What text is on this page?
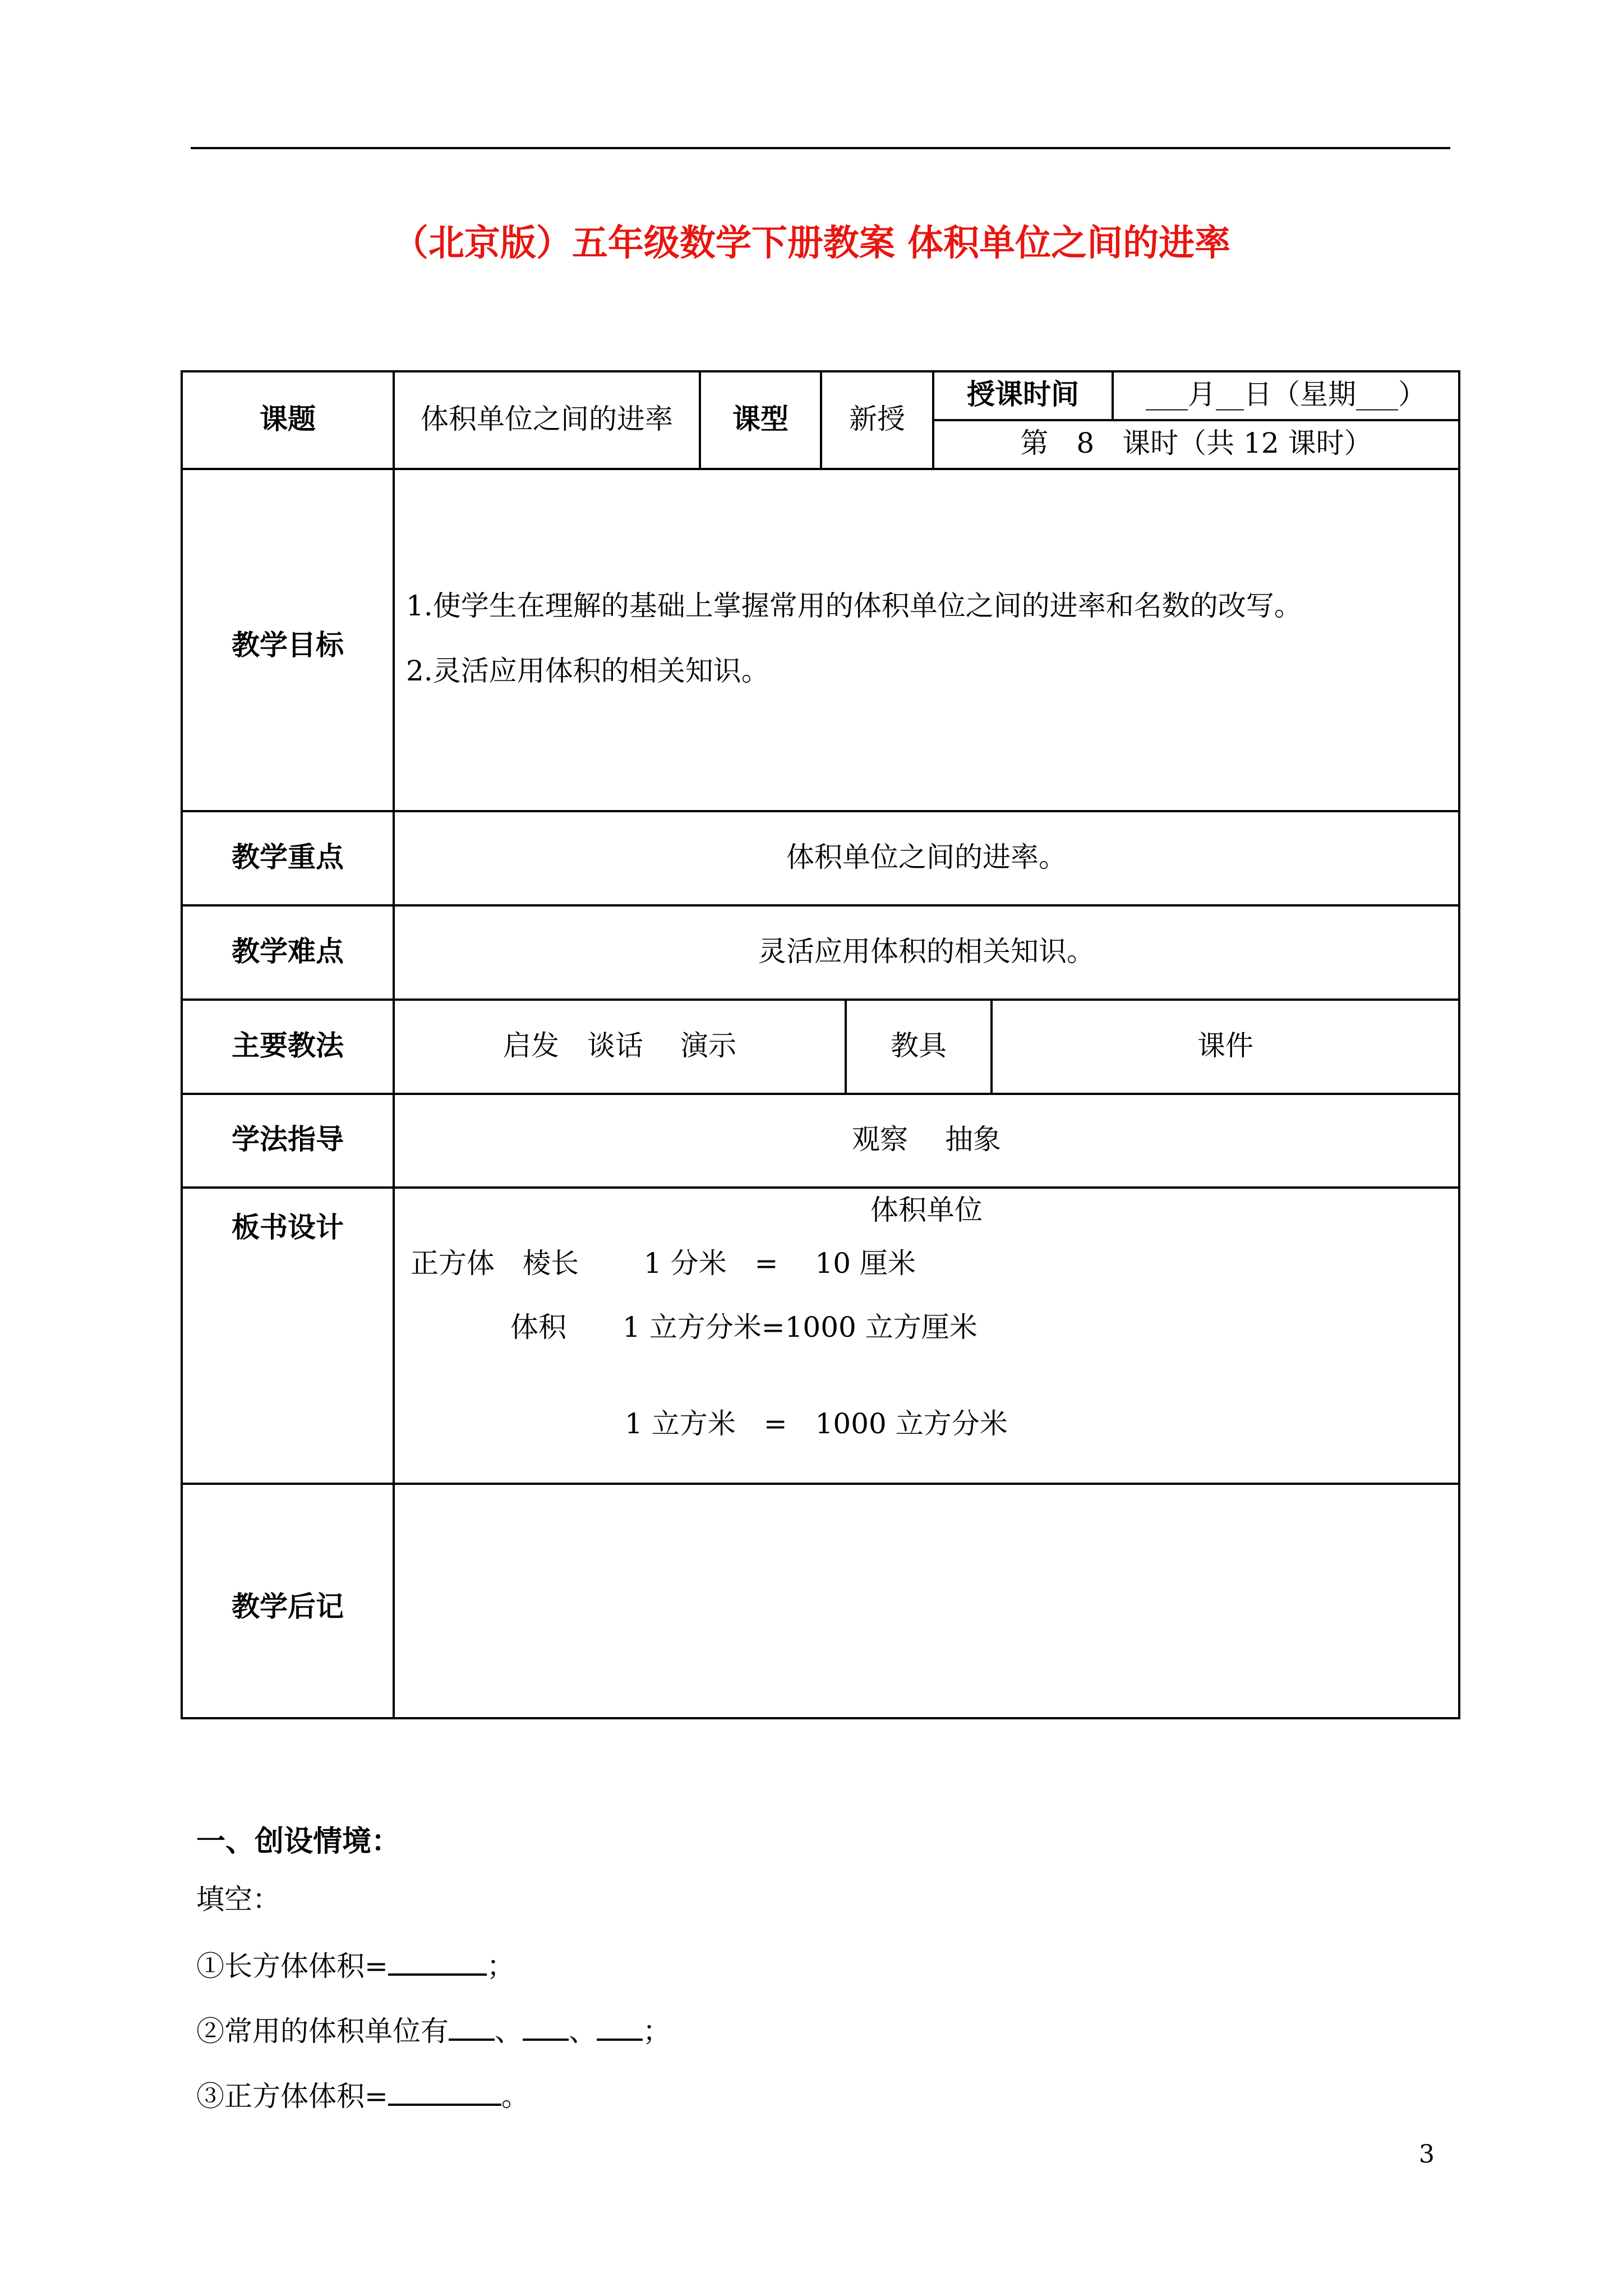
（北京版）五年级数学下册教案 体积单位之间的进率
课题	体积单位之间的进率	课型	新授
授课时间	___月__日（星期___）
第　8　课时（共 12 课时）
教学目标
1.使学生在理解的基础上掌握常用的体积单位之间的进率和名数的改写。
2.灵活应用体积的相关知识。
教学重点	体积单位之间的进率。
教学难点	灵活应用体积的相关知识。
主要教法	启发　谈话　 演示	教具	课件
学法指导	观察　 抽象
板书设计
体积单位
正方体　棱长　　 1 分米　=　 10 厘米
体积　　1 立方分米=1000 立方厘米
1 立方米　=　1000 立方分米
教学后记
一、创设情境：
填空：
①长方体体积=	；
②常用的体积单位有 、 、 ；
③正方体体积=	。
3
